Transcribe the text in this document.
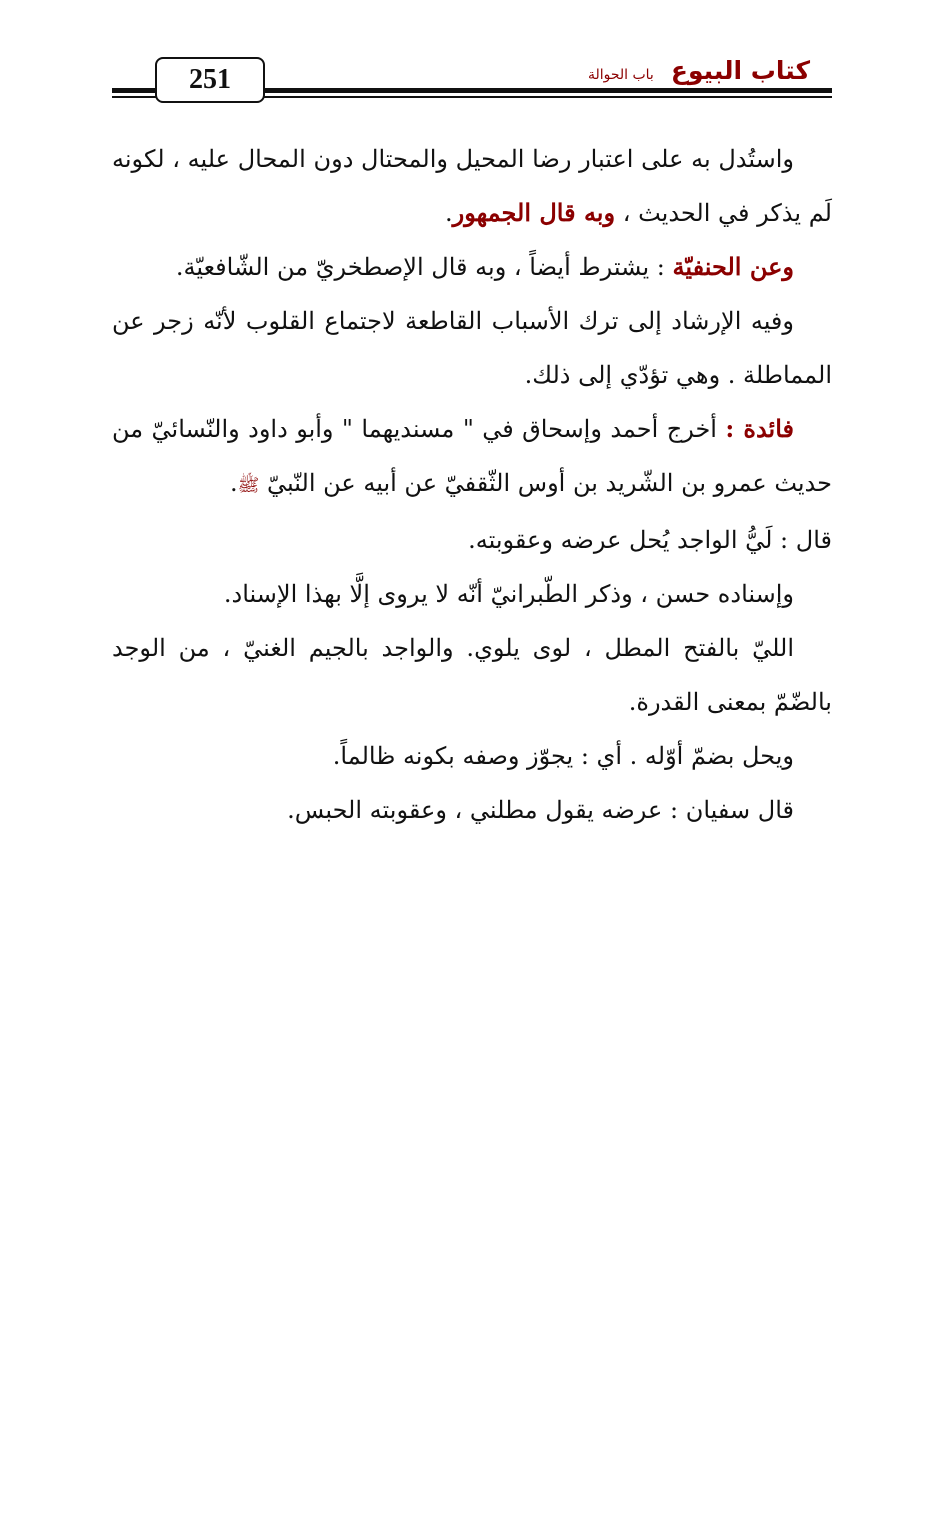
251	كتاب البيوع باب الحوالة

واستُدل به على اعتبار رضا المحيل والمحتال دون المحال عليه ، لكونه لَم يذكر في الحديث ، وبه قال الجمهور.

وعن الحنفيّة : يشترط أيضاً ، وبه قال الإصطخريّ من الشّافعيّة.

وفيه الإرشاد إلى ترك الأسباب القاطعة لاجتماع القلوب لأنّه زجر عن المماطلة . وهي تؤدّي إلى ذلك.

فائدة : أخرج أحمد وإسحاق في " مسنديهما " وأبو داود والنّسائيّ من حديث عمرو بن الشّريد بن أوس الثّقفيّ عن أبيه عن النّبيّ ﷺ.

قال : لَيُّ الواجد يُحل عرضه وعقوبته.

وإسناده حسن ، وذكر الطّبرانيّ أنّه لا يروى إلَّا بهذا الإسناد.

الليّ بالفتح المطل ، لوى يلوي. والواجد بالجيم الغنيّ ، من الوجد بالضّمّ بمعنى القدرة.

ويحل بضمّ أوّله . أي : يجوّز وصفه بكونه ظالماً.

قال سفيان : عرضه يقول مطلني ، وعقوبته الحبس.
